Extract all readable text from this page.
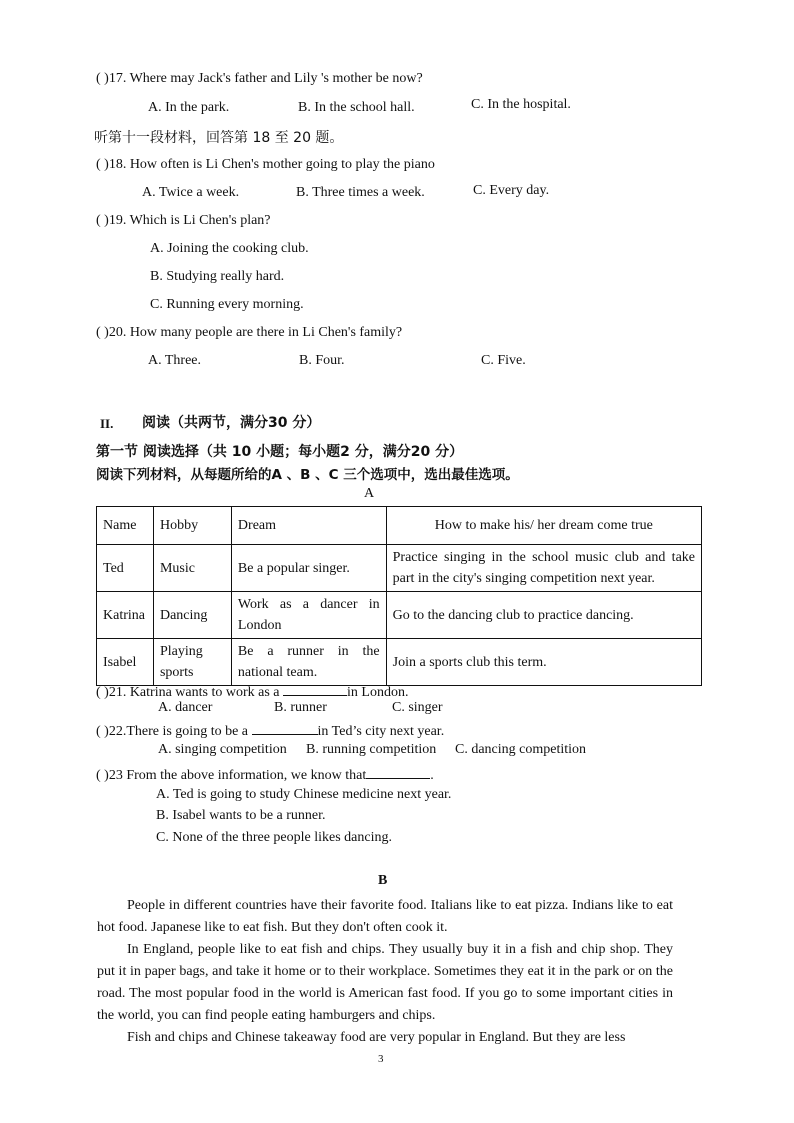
( )17. Where may Jack's father and Lily 's mother be now?
A. In the park.	B. In the school hall.	C. In the hospital.
听第十一段材料，回答第 18 至 20 题。
( )18. How often is Li Chen's mother going to play the piano
A. Twice a week.	B. Three times a week.	C. Every day.
( )19. Which is Li Chen's plan?
A. Joining the cooking club.
B. Studying really hard.
C. Running every morning.
( )20. How many people are there in Li Chen's family?
A. Three.	B. Four.	C. Five.
II. 阅读（共两节，满分30 分）
第一节 阅读选择（共 10 小题；每小题2 分，满分20 分）
阅读下列材料，从每题所给的A 、B 、C 三个选项中，选出最佳选项。
A
Name	Hobby	Dream	How to make his/ her dream come true
Ted	Music	Be a popular singer.	Practice singing in the school music club and take part in the city's singing competition next year.
Katrina	Dancing	Work as a dancer in London	Go to the dancing club to practice dancing.
Isabel	Playing sports	Be a runner in the national team.	Join a sports club this term.
( )21. Katrina wants to work as a	in London.
A. dancer	B. runner	C. singer
( )22.There is going to be a	in Ted’s city next year.
A. singing competition B. running competition C. dancing competition
( )23 From the above information, we know that	.
A. Ted is going to study Chinese medicine next year.
B. Isabel wants to be a runner.
C. None of the three people likes dancing.
B
People in different countries have their favorite food. Italians like to eat pizza. Indians like to eat hot food. Japanese like to eat fish. But they don't often cook it.
In England, people like to eat fish and chips. They usually buy it in a fish and chip shop. They put it in paper bags, and take it home or to their workplace. Sometimes they eat it in the park or on the road. The most popular food in the world is American fast food. If you go to some important cities in the world, you can find people eating hamburgers and chips.
Fish and chips and Chinese takeaway food are very popular in England. But they are less
3
